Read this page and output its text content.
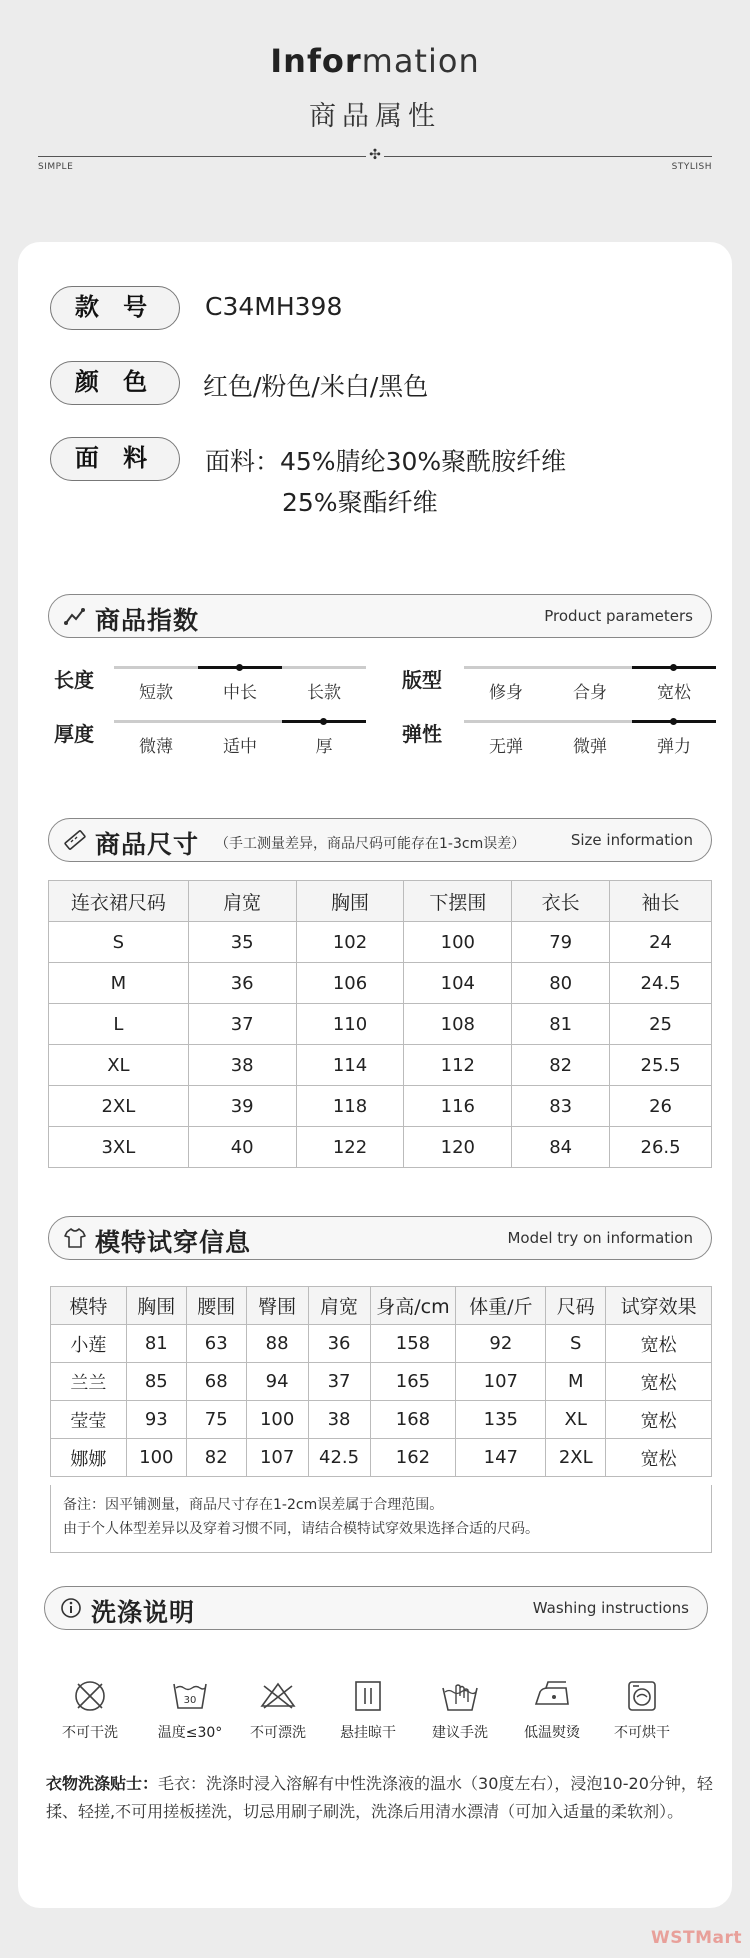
Information
商品属性
✣
SIMPLE	STYLISH
款 号	C34MH398
颜 色	红色/粉色/米白/黑色
面 料	面料：45%腈纶30%聚酰胺纤维
25%聚酯纤维
商品指数	Product parameters
长度
短款	中长	长款
版型
修身	合身	宽松
厚度
微薄	适中	厚
弹性
无弹	微弹	弹力
商品尺寸 （手工测量差异，商品尺码可能存在1-3cm误差）	Size information
连衣裙尺码	肩宽	胸围	下摆围	衣长	袖长
S	35	102	100	79	24
M	36	106	104	80	24.5
L	37	110	108	81	25
XL	38	114	112	82	25.5
2XL	39	118	116	83	26
3XL	40	122	120	84	26.5
模特试穿信息	Model try on information
模特	胸围	腰围	臀围	肩宽	身高/cm	体重/斤	尺码	试穿效果
小莲	81	63	88	36	158	92	S	宽松
兰兰	85	68	94	37	165	107	M	宽松
莹莹	93	75	100	38	168	135	XL	宽松
娜娜	100	82	107	42.5	162	147	2XL	宽松
备注：因平铺测量，商品尺寸存在1-2cm误差属于合理范围。
由于个人体型差异以及穿着习惯不同，请结合模特试穿效果选择合适的尺码。
洗涤说明	Washing instructions
不可干洗
30
温度≤30°	不可漂洗	悬挂晾干	建议手洗	低温熨烫	不可烘干
衣物洗涤贴士：毛衣：洗涤时浸入溶解有中性洗涤液的温水（30度左右），浸泡10-20分钟，轻揉、轻搓,不可用搓板搓洗，切忌用刷子刷洗，洗涤后用清水漂清（可加入适量的柔软剂）。
WSTMart
